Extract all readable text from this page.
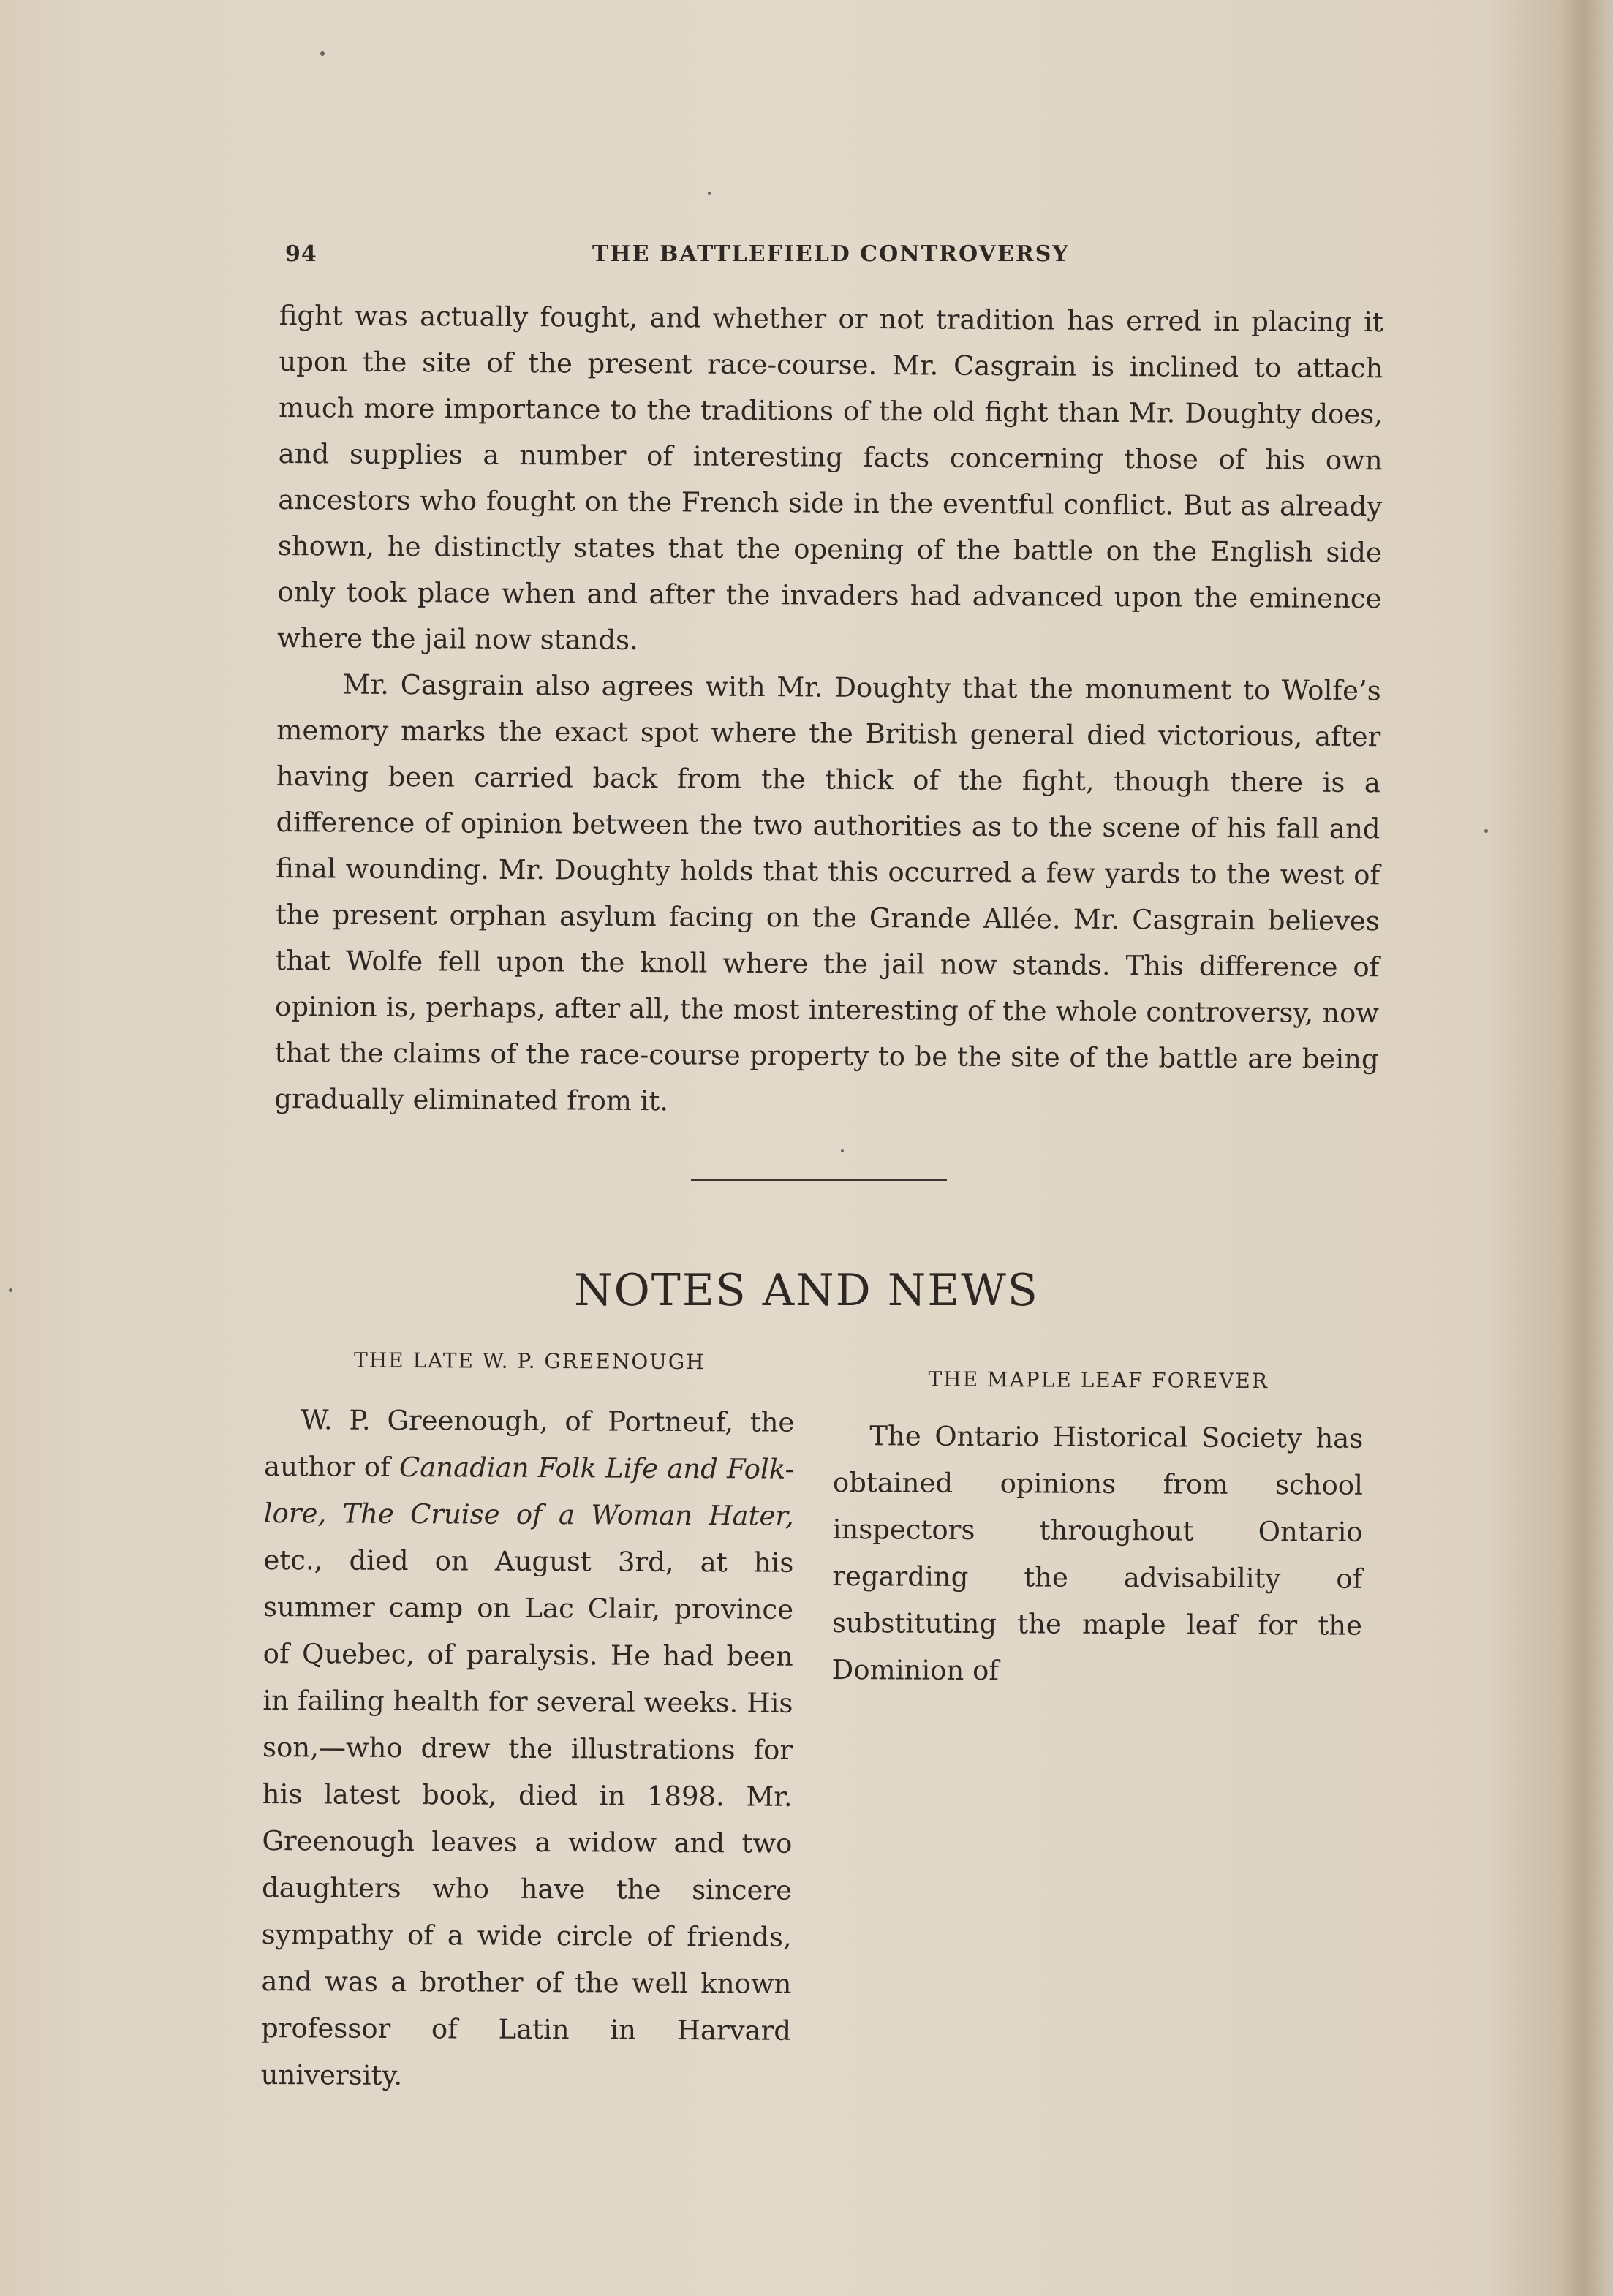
94	THE BATTLEFIELD CONTROVERSY

fight was actually fought, and whether or not tradition has erred in placing it upon the site of the present race-course. Mr. Casgrain is inclined to attach much more importance to the traditions of the old fight than Mr. Doughty does, and supplies a number of interesting facts concerning those of his own ancestors who fought on the French side in the eventful conflict. But as already shown, he distinctly states that the opening of the battle on the English side only took place when and after the invaders had advanced upon the eminence where the jail now stands.

Mr. Casgrain also agrees with Mr. Doughty that the monument to Wolfe’s memory marks the exact spot where the British general died victorious, after having been carried back from the thick of the fight, though there is a difference of opinion between the two authorities as to the scene of his fall and final wounding. Mr. Doughty holds that this occurred a few yards to the west of the present orphan asylum facing on the Grande Allée. Mr. Casgrain believes that Wolfe fell upon the knoll where the jail now stands. This difference of opinion is, perhaps, after all, the most interesting of the whole controversy, now that the claims of the race-course property to be the site of the battle are being gradually eliminated from it.

NOTES AND NEWS
THE LATE W. P. GREENOUGH

W. P. Greenough, of Portneuf, the author of Canadian Folk Life and Folk-lore, The Cruise of a Woman Hater, etc., died on August 3rd, at his summer camp on Lac Clair, province of Quebec, of paralysis. He had been in failing health for several weeks. His son,—who drew the illustrations for his latest book, died in 1898. Mr. Greenough leaves a widow and two daughters who have the sincere sympathy of a wide circle of friends, and was a brother of the well known professor of Latin in Harvard university.

THE MAPLE LEAF FOREVER

The Ontario Historical Society has obtained opinions from school inspectors throughout Ontario regarding the advisability of substituting the maple leaf for the Dominion of
